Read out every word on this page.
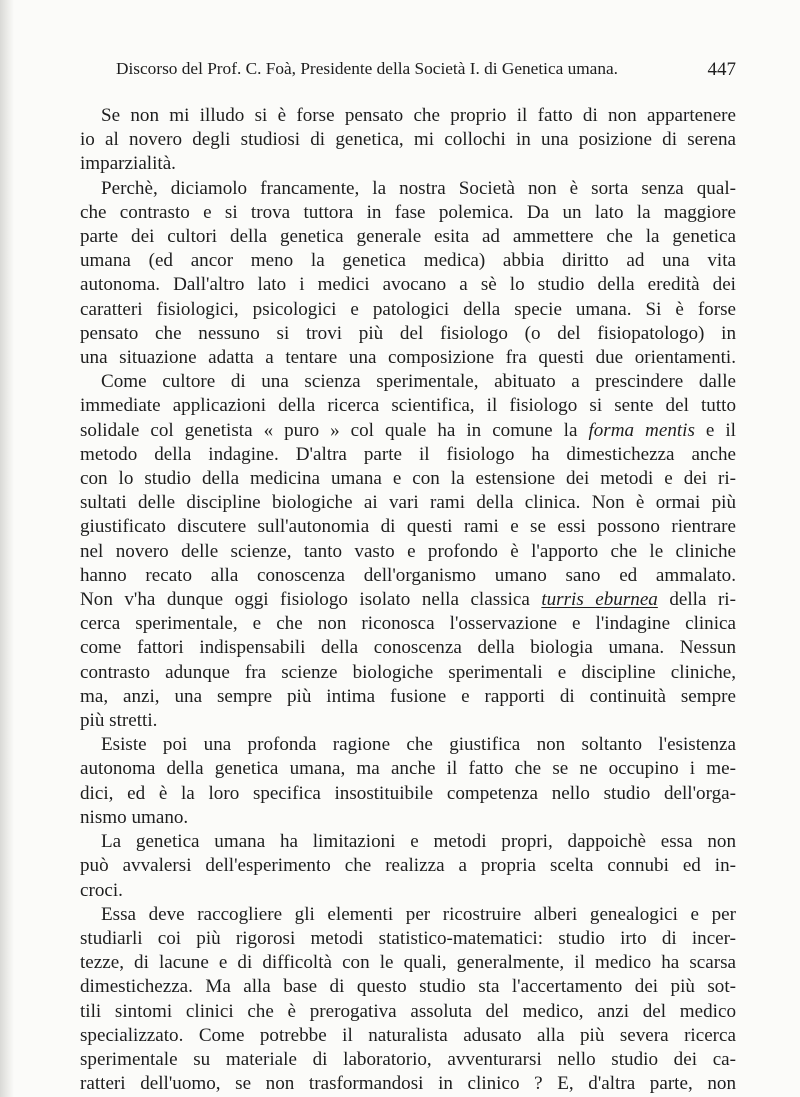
Discorso del Prof. C. Foà, Presidente della Società I. di Genetica umana.	447

Se non mi illudo si è forse pensato che proprio il fatto di non appartenere
io al novero degli studiosi di genetica, mi collochi in una posizione di serena
imparzialità.

Perchè, diciamolo francamente, la nostra Società non è sorta senza qual-
che contrasto e si trova tuttora in fase polemica. Da un lato la maggiore
parte dei cultori della genetica generale esita ad ammettere che la genetica
umana (ed ancor meno la genetica medica) abbia diritto ad una vita
autonoma. Dall'altro lato i medici avocano a sè lo studio della eredità dei
caratteri fisiologici, psicologici e patologici della specie umana. Si è forse
pensato che nessuno si trovi più del fisiologo (o del fisiopatologo) in
una situazione adatta a tentare una composizione fra questi due orientamenti.

Come cultore di una scienza sperimentale, abituato a prescindere dalle
immediate applicazioni della ricerca scientifica, il fisiologo si sente del tutto
solidale col genetista « puro » col quale ha in comune la forma mentis e il
metodo della indagine. D'altra parte il fisiologo ha dimestichezza anche
con lo studio della medicina umana e con la estensione dei metodi e dei ri-
sultati delle discipline biologiche ai vari rami della clinica. Non è ormai più
giustificato discutere sull'autonomia di questi rami e se essi possono rientrare
nel novero delle scienze, tanto vasto e profondo è l'apporto che le cliniche
hanno recato alla conoscenza dell'organismo umano sano ed ammalato.
Non v'ha dunque oggi fisiologo isolato nella classica turris eburnea della ri-
cerca sperimentale, e che non riconosca l'osservazione e l'indagine clinica
come fattori indispensabili della conoscenza della biologia umana. Nessun
contrasto adunque fra scienze biologiche sperimentali e discipline cliniche,
ma, anzi, una sempre più intima fusione e rapporti di continuità sempre
più stretti.

Esiste poi una profonda ragione che giustifica non soltanto l'esistenza
autonoma della genetica umana, ma anche il fatto che se ne occupino i me-
dici, ed è la loro specifica insostituibile competenza nello studio dell'orga-
nismo umano.

La genetica umana ha limitazioni e metodi propri, dappoichè essa non
può avvalersi dell'esperimento che realizza a propria scelta connubi ed in-
croci.

Essa deve raccogliere gli elementi per ricostruire alberi genealogici e per
studiarli coi più rigorosi metodi statistico-matematici: studio irto di incer-
tezze, di lacune e di difficoltà con le quali, generalmente, il medico ha scarsa
dimestichezza. Ma alla base di questo studio sta l'accertamento dei più sot-
tili sintomi clinici che è prerogativa assoluta del medico, anzi del medico
specializzato. Come potrebbe il naturalista adusato alla più severa ricerca
sperimentale su materiale di laboratorio, avventurarsi nello studio dei ca-
ratteri dell'uomo, se non trasformandosi in clinico ? E, d'altra parte, non
